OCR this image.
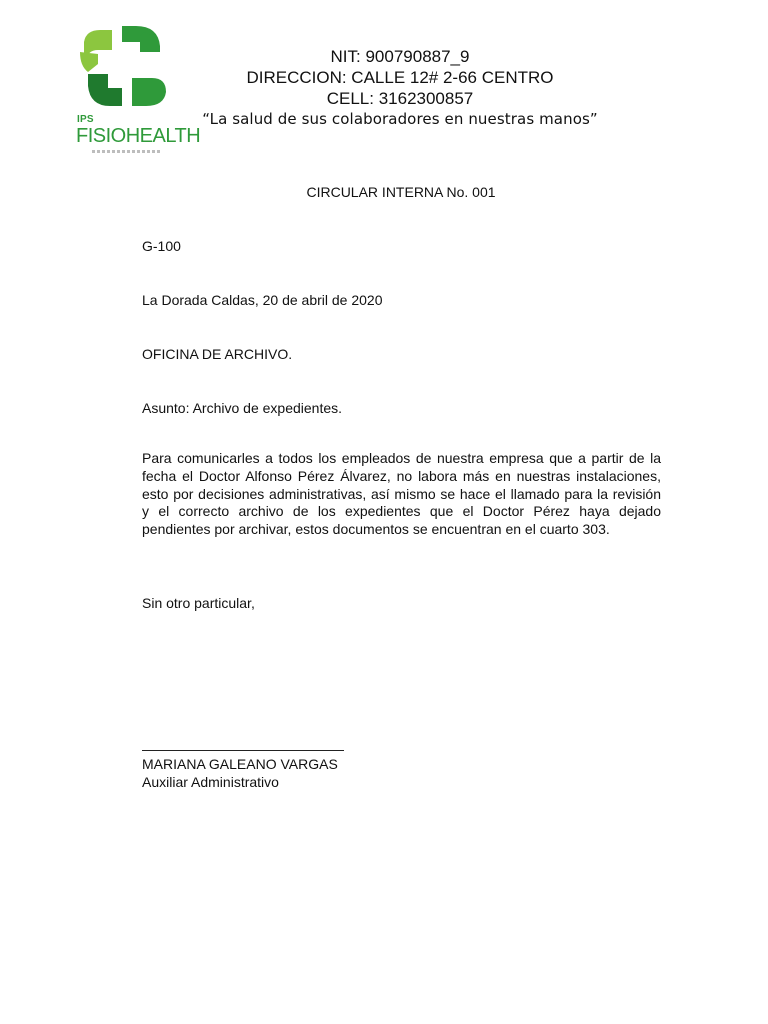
IPS
FISIOHEALTH
NIT: 900790887_9
DIRECCION: CALLE 12# 2-66 CENTRO
CELL: 3162300857
“La salud de sus colaboradores en nuestras manos”
CIRCULAR INTERNA No. 001
G-100
La Dorada Caldas, 20 de abril de 2020
OFICINA DE ARCHIVO.
Asunto: Archivo de expedientes.
Para comunicarles a todos los empleados de nuestra empresa que a partir de la fecha el Doctor Alfonso Pérez Álvarez, no labora más en nuestras instalaciones, esto por decisiones administrativas, así mismo se hace el llamado para la revisión y el correcto archivo de los expedientes que el Doctor Pérez haya dejado pendientes por archivar, estos documentos se encuentran en el cuarto 303.
Sin otro particular,
MARIANA GALEANO VARGAS
Auxiliar Administrativo
